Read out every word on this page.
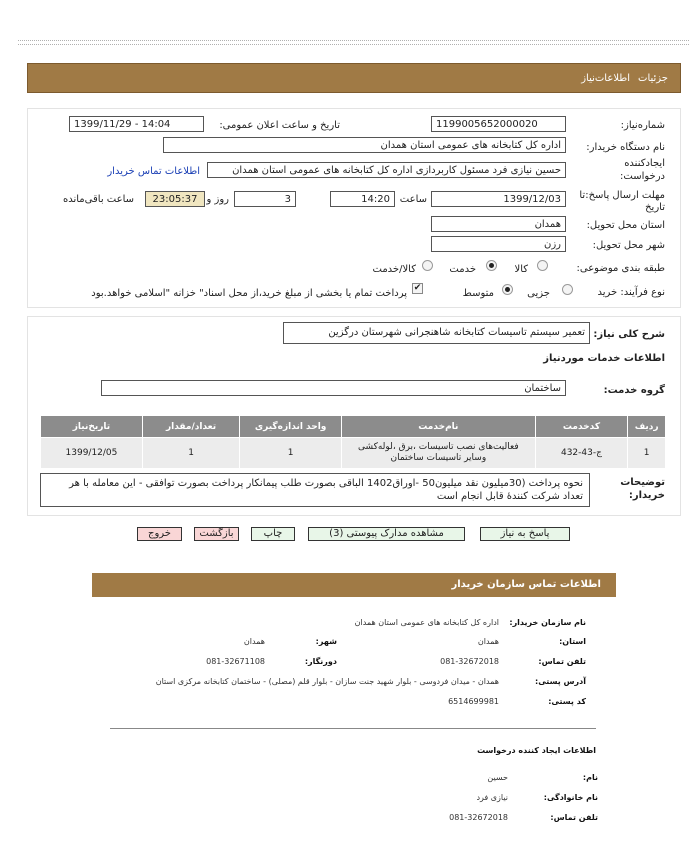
جزئیات
اطلاعات‌نیاز
شماره‌نیاز:
1199005652000020
تاریخ و ساعت اعلان عمومی:
1399/11/29 - 14:04
نام دستگاه خریدار:
اداره کل کتابخانه های عمومی استان همدان
ایجادکننده
درخواست:
حسین نیازی فرد مسئول کاربردازی اداره کل کتابخانه های عمومی استان همدان
اطلاعات تماس خریدار
مهلت ارسال پاسخ:تا
تاریخ
1399/12/03
ساعت
14:20
3
روز و
23:05:37
ساعت باقی‌مانده
استان محل تحویل:
همدان
شهر محل تحویل:
رزن
طبقه بندی موضوعی:
کالا
خدمت
کالا/خدمت
نوع فرآیند: خرید
جزیی
متوسط
✔
پرداخت تمام یا بخشی از مبلغ خرید،از محل اسناد" خزانه "اسلامی خواهد.بود
شرح کلی نیاز:
تعمیر سیستم تاسیسات کتابخانه شاهنجرانی شهرستان درگزین
اطلاعات خدمات موردنیاز
گروه خدمت:
ساختمان
ردیف	کدخدمت	نام‌خدمت	واحد اندازه‌گیری	تعداد/مقدار	تاریخ‌نیاز
1	ج-43-432	فعالیت‌های نصب تاسیسات ،برق ،لوله‌کشی وسایر تاسیسات ساختمان	1	1	1399/12/05
توضیحات
خریدار:
نحوه پرداخت (30میلیون نقد میلیون50 -اوراق1402 الباقی بصورت طلب پیمانکار پرداخت بصورت توافقی - این معامله با هر تعداد شرکت کنندهٔ قابل انجام است
پاسخ به نیاز
مشاهده مدارک پیوستی (3)
چاپ
بازگشت
خروج
اطلاعات تماس سازمان خریدار
نام سازمان خریدار:
اداره کل کتابخانه های عمومی استان همدان
استان:
همدان
شهر:
همدان
تلفن تماس:
081-32672018
دورنگار:
081-32671108
آدرس پستی:
همدان - میدان فردوسی - بلوار شهید جنت سازان - بلوار قلم (مصلی) - ساختمان کتابخانه مرکزی استان
کد پستی:
6514699981
اطلاعات ایجاد کننده درخواست
نام:
حسین
نام خانوادگی:
نیازی فرد
تلفن تماس:
081-32672018
